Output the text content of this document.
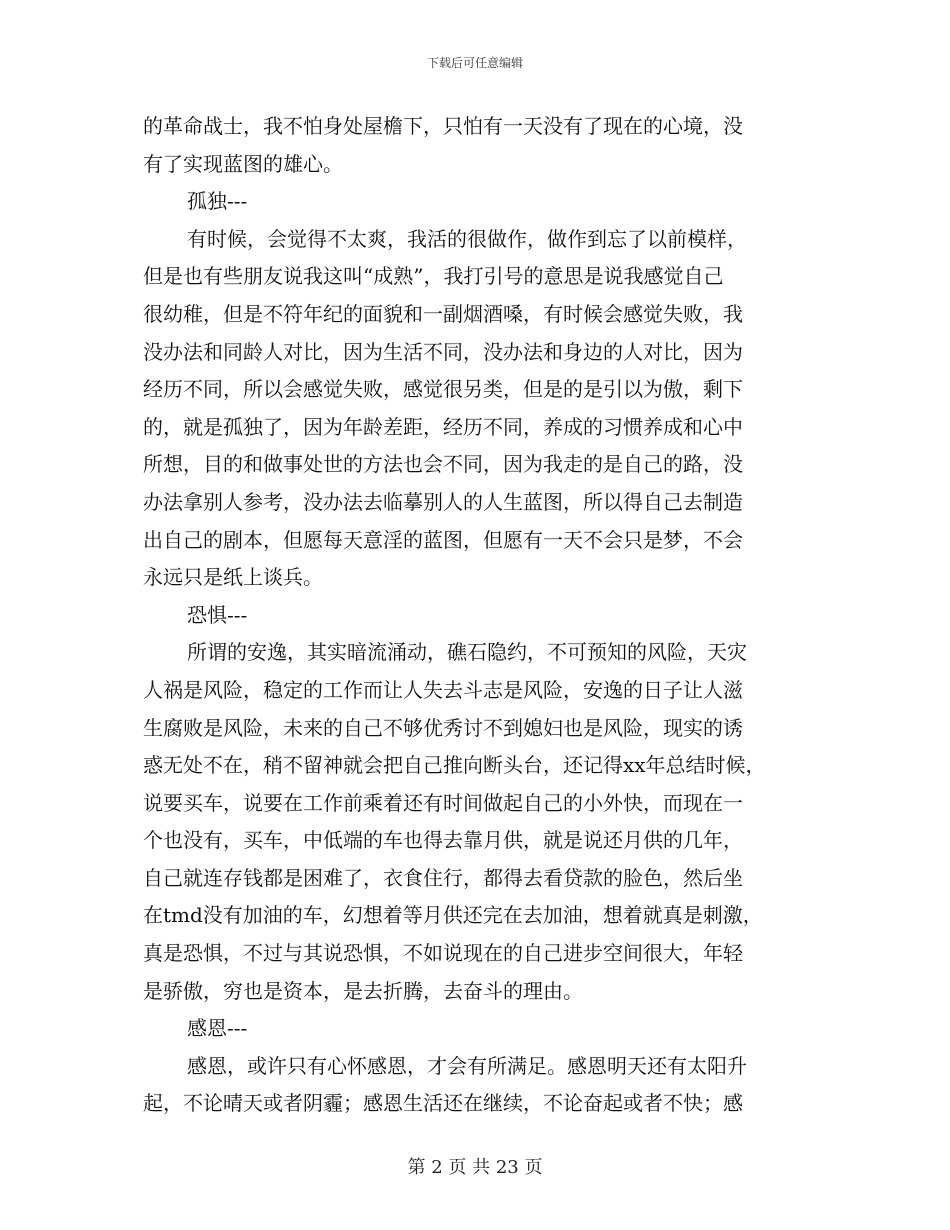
下载后可任意编辑
的革命战士，我不怕身处屋檐下，只怕有一天没有了现在的心境，没
有了实现蓝图的雄心。
孤独---
有时候，会觉得不太爽，我活的很做作，做作到忘了以前模样，
但是也有些朋友说我这叫“成熟”，我打引号的意思是说我感觉自己
很幼稚，但是不符年纪的面貌和一副烟酒嗓，有时候会感觉失败，我
没办法和同龄人对比，因为生活不同，没办法和身边的人对比，因为
经历不同，所以会感觉失败，感觉很另类，但是的是引以为傲，剩下
的，就是孤独了，因为年龄差距，经历不同，养成的习惯养成和心中
所想，目的和做事处世的方法也会不同，因为我走的是自己的路，没
办法拿别人参考，没办法去临摹别人的人生蓝图，所以得自己去制造
出自己的剧本，但愿每天意淫的蓝图，但愿有一天不会只是梦，不会
永远只是纸上谈兵。
恐惧---
所谓的安逸，其实暗流涌动，礁石隐约，不可预知的风险，天灾
人祸是风险，稳定的工作而让人失去斗志是风险，安逸的日子让人滋
生腐败是风险，未来的自己不够优秀讨不到媳妇也是风险，现实的诱
惑无处不在，稍不留神就会把自己推向断头台，还记得xx年总结时候，
说要买车，说要在工作前乘着还有时间做起自己的小外快，而现在一
个也没有，买车，中低端的车也得去靠月供，就是说还月供的几年，
自己就连存钱都是困难了，衣食住行，都得去看贷款的脸色，然后坐
在tmd没有加油的车，幻想着等月供还完在去加油，想着就真是刺激，
真是恐惧，不过与其说恐惧，不如说现在的自己进步空间很大，年轻
是骄傲，穷也是资本，是去折腾，去奋斗的理由。
感恩---
感恩，或许只有心怀感恩，才会有所满足。感恩明天还有太阳升
起，不论晴天或者阴霾；感恩生活还在继续，不论奋起或者不快；感
第 2 页 共 23 页
